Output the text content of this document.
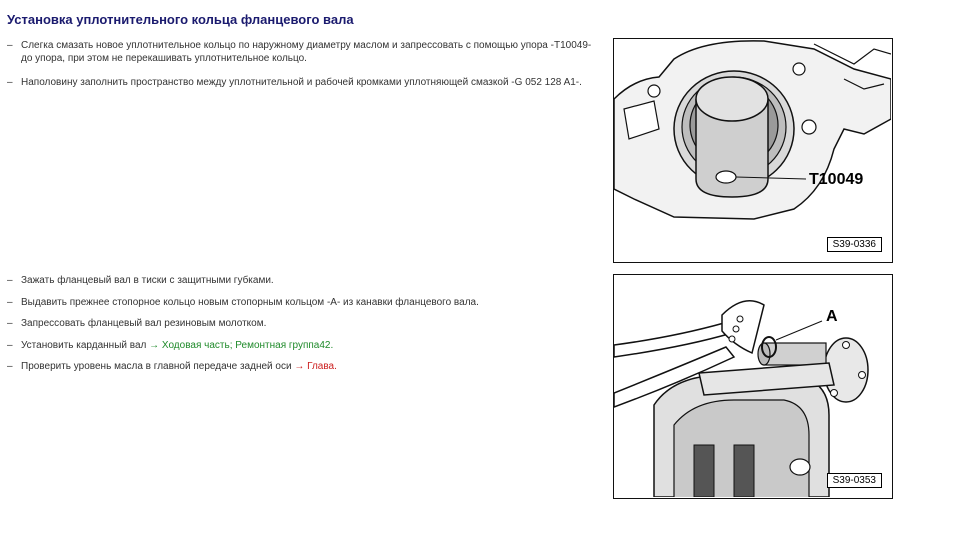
Установка уплотнительного кольца фланцевого вала
– Слегка смазать новое уплотнительное кольцо по наружному диаметру маслом и запрессовать с помощью упора -T10049- до упора, при этом не перекашивать уплотнительное кольцо.
– Наполовину заполнить пространство между уплотнительной и рабочей кромками уплотняющей смазкой -G 052 128 A1-.
– Зажать фланцевый вал в тиски с защитными губками.
– Выдавить прежнее стопорное кольцо новым стопорным кольцом -A- из канавки фланцевого вала.
– Запрессовать фланцевый вал резиновым молотком.
– Установить карданный вал → Ходовая часть; Ремонтная группа42.
– Проверить уровень масла в главной передаче задней оси → Глава.
T10049
S39-0336
A
S39-0353
